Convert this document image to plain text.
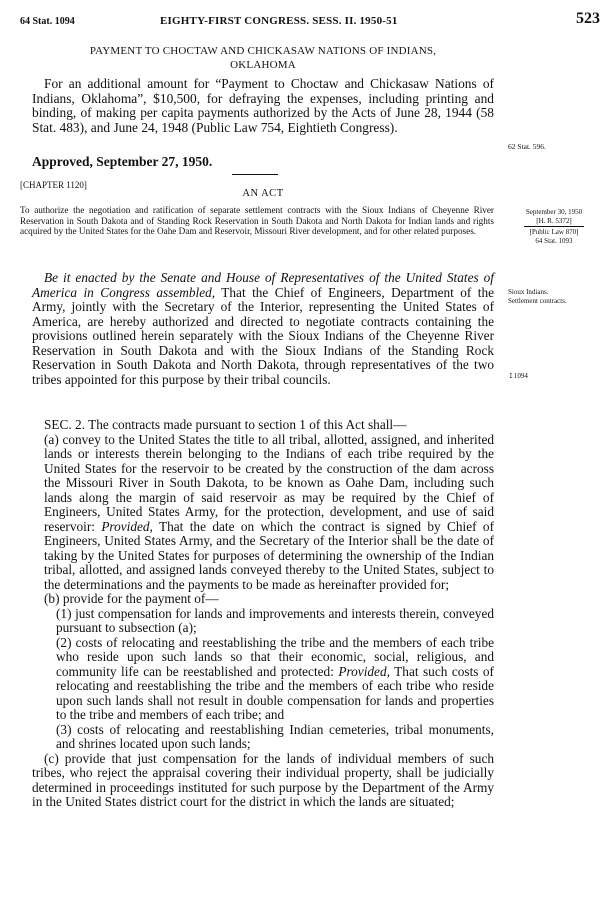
64 Stat. 1094	EIGHTY-FIRST CONGRESS. SESS. II. 1950-51	523
PAYMENT TO CHOCTAW AND CHICKASAW NATIONS OF INDIANS,
OKLAHOMA

For an additional amount for “Payment to Choctaw and Chickasaw Nations of Indians, Oklahoma”, $10,500, for defraying the expenses, including printing and binding, of making per capita payments authorized by the Acts of June 28, 1944 (58 Stat. 483), and June 24, 1948 (Public Law 754, Eightieth Congress).

62 Stat. 596.

Approved, September 27, 1950.

[CHAPTER 1120]
AN ACT

To authorize the negotiation and ratification of separate settlement contracts with the Sioux Indians of Cheyenne River Reservation in South Dakota and of Standing Rock Reservation in South Dakota and North Dakota for Indian lands and rights acquired by the United States for the Oahe Dam and Reservoir, Missouri River development, and for other related purposes.

September 30, 1950
[H. R. 5372]
[Public Law 870]
64 Stat. 1093

Be it enacted by the Senate and House of Representatives of the United States of America in Congress assembled, That the Chief of Engineers, Department of the Army, jointly with the Secretary of the Interior, representing the United States of America, are hereby authorized and directed to negotiate contracts containing the provisions outlined herein separately with the Sioux Indians of the Cheyenne River Reservation in South Dakota and with the Sioux Indians of the Standing Rock Reservation in South Dakota and North Dakota, through representatives of the two tribes appointed for this purpose by their tribal councils.

Sioux Indians.
Settlement contracts.
↥1094

SEC. 2. The contracts made pursuant to section 1 of this Act shall—

(a) convey to the United States the title to all tribal, allotted, assigned, and inherited lands or interests therein belonging to the Indians of each tribe required by the United States for the reservoir to be created by the construction of the dam across the Missouri River in South Dakota, to be known as Oahe Dam, including such lands along the margin of said reservoir as may be required by the Chief of Engineers, United States Army, for the protection, development, and use of said reservoir: Provided, That the date on which the contract is signed by Chief of Engineers, United States Army, and the Secretary of the Interior shall be the date of taking by the United States for purposes of determining the ownership of the Indian tribal, allotted, and assigned lands conveyed thereby to the United States, subject to the determinations and the payments to be made as hereinafter provided for;

(b) provide for the payment of—

(1) just compensation for lands and improvements and interests therein, conveyed pursuant to subsection (a);

(2) costs of relocating and reestablishing the tribe and the members of each tribe who reside upon such lands so that their economic, social, religious, and community life can be reestablished and protected: Provided, That such costs of relocating and reestablishing the tribe and the members of each tribe who reside upon such lands shall not result in double compensation for lands and properties to the tribe and members of each tribe; and

(3) costs of relocating and reestablishing Indian cemeteries, tribal monuments, and shrines located upon such lands;

(c) provide that just compensation for the lands of individual members of such tribes, who reject the appraisal covering their individual property, shall be judicially determined in proceedings instituted for such purpose by the Department of the Army in the United States district court for the district in which the lands are situated;
